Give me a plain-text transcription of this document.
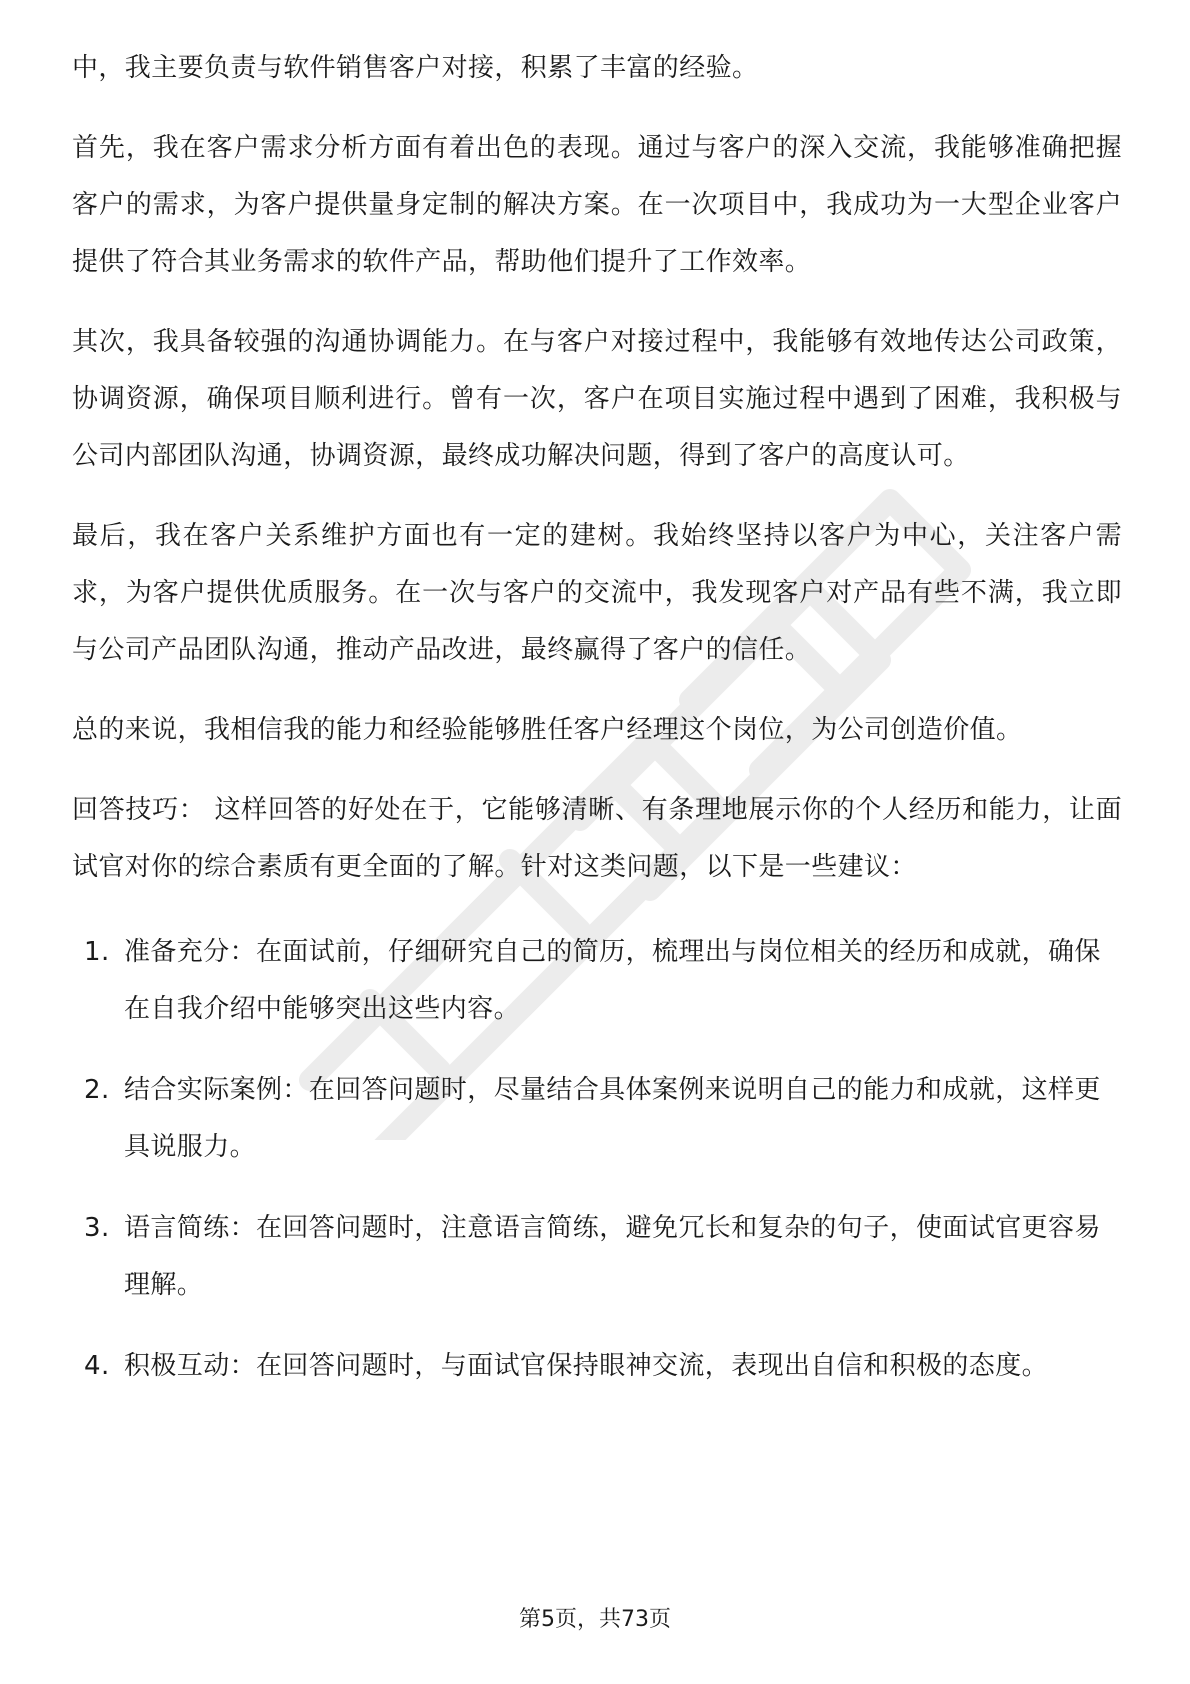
中，我主要负责与软件销售客户对接，积累了丰富的经验。

首先，我在客户需求分析方面有着出色的表现。通过与客户的深入交流，我能够准确把握客户的需求，为客户提供量身定制的解决方案。在一次项目中，我成功为一大型企业客户提供了符合其业务需求的软件产品，帮助他们提升了工作效率。

其次，我具备较强的沟通协调能力。在与客户对接过程中，我能够有效地传达公司政策，协调资源，确保项目顺利进行。曾有一次，客户在项目实施过程中遇到了困难，我积极与公司内部团队沟通，协调资源，最终成功解决问题，得到了客户的高度认可。

最后，我在客户关系维护方面也有一定的建树。我始终坚持以客户为中心，关注客户需求，为客户提供优质服务。在一次与客户的交流中，我发现客户对产品有些不满，我立即与公司产品团队沟通，推动产品改进，最终赢得了客户的信任。

总的来说，我相信我的能力和经验能够胜任客户经理这个岗位，为公司创造价值。

回答技巧： 这样回答的好处在于，它能够清晰、有条理地展示你的个人经历和能力，让面试官对你的综合素质有更全面的了解。针对这类问题，以下是一些建议：

1. 准备充分：在面试前，仔细研究自己的简历，梳理出与岗位相关的经历和成就，确保在自我介绍中能够突出这些内容。
2. 结合实际案例：在回答问题时，尽量结合具体案例来说明自己的能力和成就，这样更具说服力。
3. 语言简练：在回答问题时，注意语言简练，避免冗长和复杂的句子，使面试官更容易理解。
4. 积极互动：在回答问题时，与面试官保持眼神交流，表现出自信和积极的态度。
第5页，共73页
